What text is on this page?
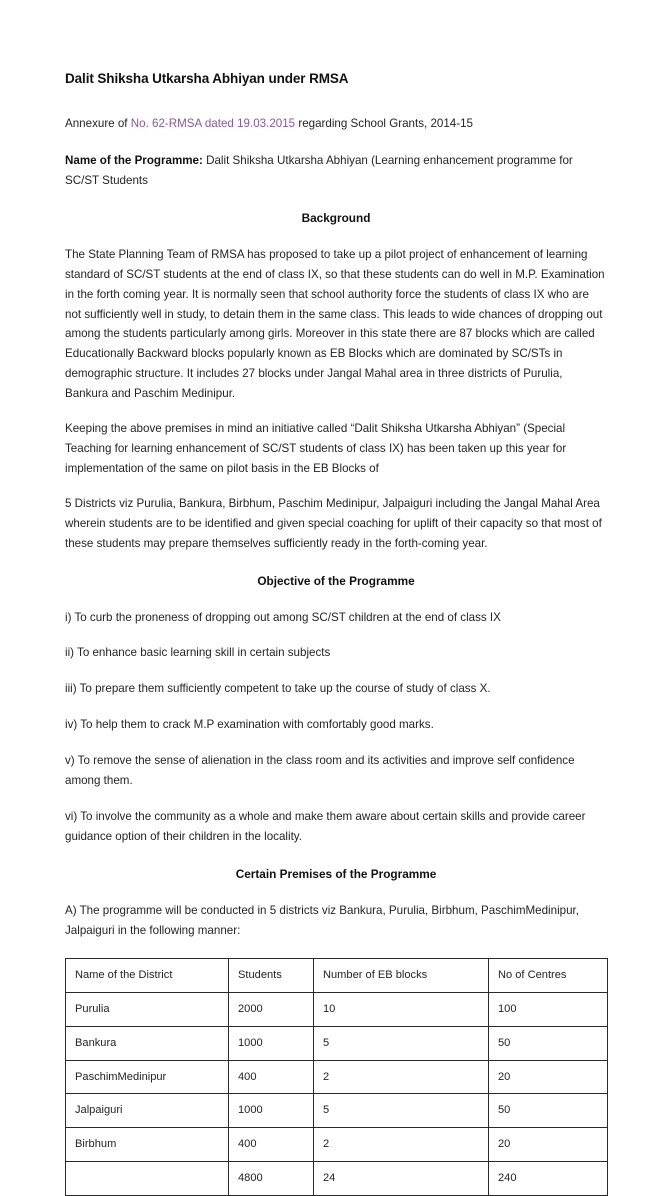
Dalit Shiksha Utkarsha Abhiyan under RMSA

Annexure of No. 62-RMSA dated 19.03.2015 regarding School Grants, 2014-15

Name of the Programme: Dalit Shiksha Utkarsha Abhiyan (Learning enhancement programme for SC/ST Students

Background

The State Planning Team of RMSA has proposed to take up a pilot project of enhancement of learning standard of SC/ST students at the end of class IX, so that these students can do well in M.P. Examination in the forth coming year. It is normally seen that school authority force the students of class IX who are not sufficiently well in study, to detain them in the same class. This leads to wide chances of dropping out among the students particularly among girls. Moreover in this state there are 87 blocks which are called Educationally Backward blocks popularly known as EB Blocks which are dominated by SC/STs in demographic structure. It includes 27 blocks under Jangal Mahal area in three districts of Purulia, Bankura and Paschim Medinipur.

Keeping the above premises in mind an initiative called “Dalit Shiksha Utkarsha Abhiyan” (Special Teaching for learning enhancement of SC/ST students of class IX) has been taken up this year for implementation of the same on pilot basis in the EB Blocks of

5 Districts viz Purulia, Bankura, Birbhum, Paschim Medinipur, Jalpaiguri including the Jangal Mahal Area wherein students are to be identified and given special coaching for uplift of their capacity so that most of these students may prepare themselves sufficiently ready in the forth-coming year.

Objective of the Programme

i) To curb the proneness of dropping out among SC/ST children at the end of class IX

ii) To enhance basic learning skill in certain subjects

iii) To prepare them sufficiently competent to take up the course of study of class X.

iv) To help them to crack M.P examination with comfortably good marks.

v) To remove the sense of alienation in the class room and its activities and improve self confidence among them.

vi) To involve the community as a whole and make them aware about certain skills and provide career guidance option of their children in the locality.

Certain Premises of the Programme

A) The programme will be conducted in 5 districts viz Bankura, Purulia, Birbhum, PaschimMedinipur, Jalpaiguri in the following manner:

Name of the District	Students	Number of EB blocks	No of Centres
Purulia	2000	10	100
Bankura	1000	5	50
PaschimMedinipur	400	2	20
Jalpaiguri	1000	5	50
Birbhum	400	2	20
	4800	24	240
